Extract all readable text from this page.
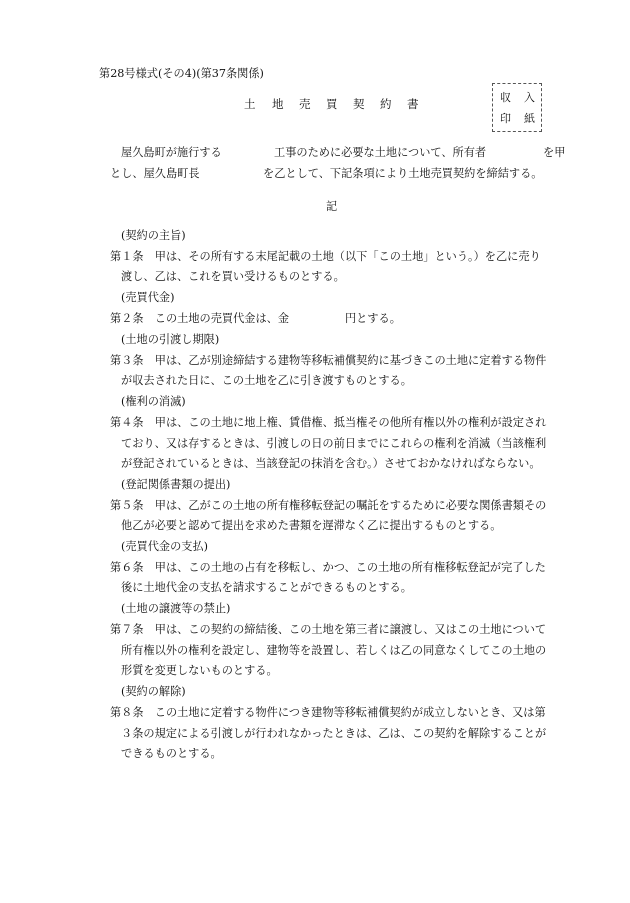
第28号様式(その4)(第37条関係)
土 地 売 買 契 約 書	収 入
印 紙
屋久島町が施行する	工事のために必要な土地について、所有者	を甲
とし、屋久島町長	を乙として、下記条項により土地売買契約を締結する。
記
(契約の主旨)
第１条　甲は、その所有する末尾記載の土地（以下「この土地」という。）を乙に売り
渡し、乙は、これを買い受けるものとする。
(売買代金)
第２条　この土地の売買代金は、金　　　　　円とする。
(土地の引渡し期限)
第３条　甲は、乙が別途締結する建物等移転補償契約に基づきこの土地に定着する物件
が収去された日に、この土地を乙に引き渡すものとする。
(権利の消滅)
第４条　甲は、この土地に地上権、賃借権、抵当権その他所有権以外の権利が設定され
ており、又は存するときは、引渡しの日の前日までにこれらの権利を消滅（当該権利
が登記されているときは、当該登記の抹消を含む。）させておかなければならない。
(登記関係書類の提出)
第５条　甲は、乙がこの土地の所有権移転登記の嘱託をするために必要な関係書類その
他乙が必要と認めて提出を求めた書類を遅滞なく乙に提出するものとする。
(売買代金の支払)
第６条　甲は、この土地の占有を移転し、かつ、この土地の所有権移転登記が完了した
後に土地代金の支払を請求することができるものとする。
(土地の譲渡等の禁止)
第７条　甲は、この契約の締結後、この土地を第三者に譲渡し、又はこの土地について
所有権以外の権利を設定し、建物等を設置し、若しくは乙の同意なくしてこの土地の
形質を変更しないものとする。
(契約の解除)
第８条　この土地に定着する物件につき建物等移転補償契約が成立しないとき、又は第
３条の規定による引渡しが行われなかったときは、乙は、この契約を解除することが
できるものとする。
